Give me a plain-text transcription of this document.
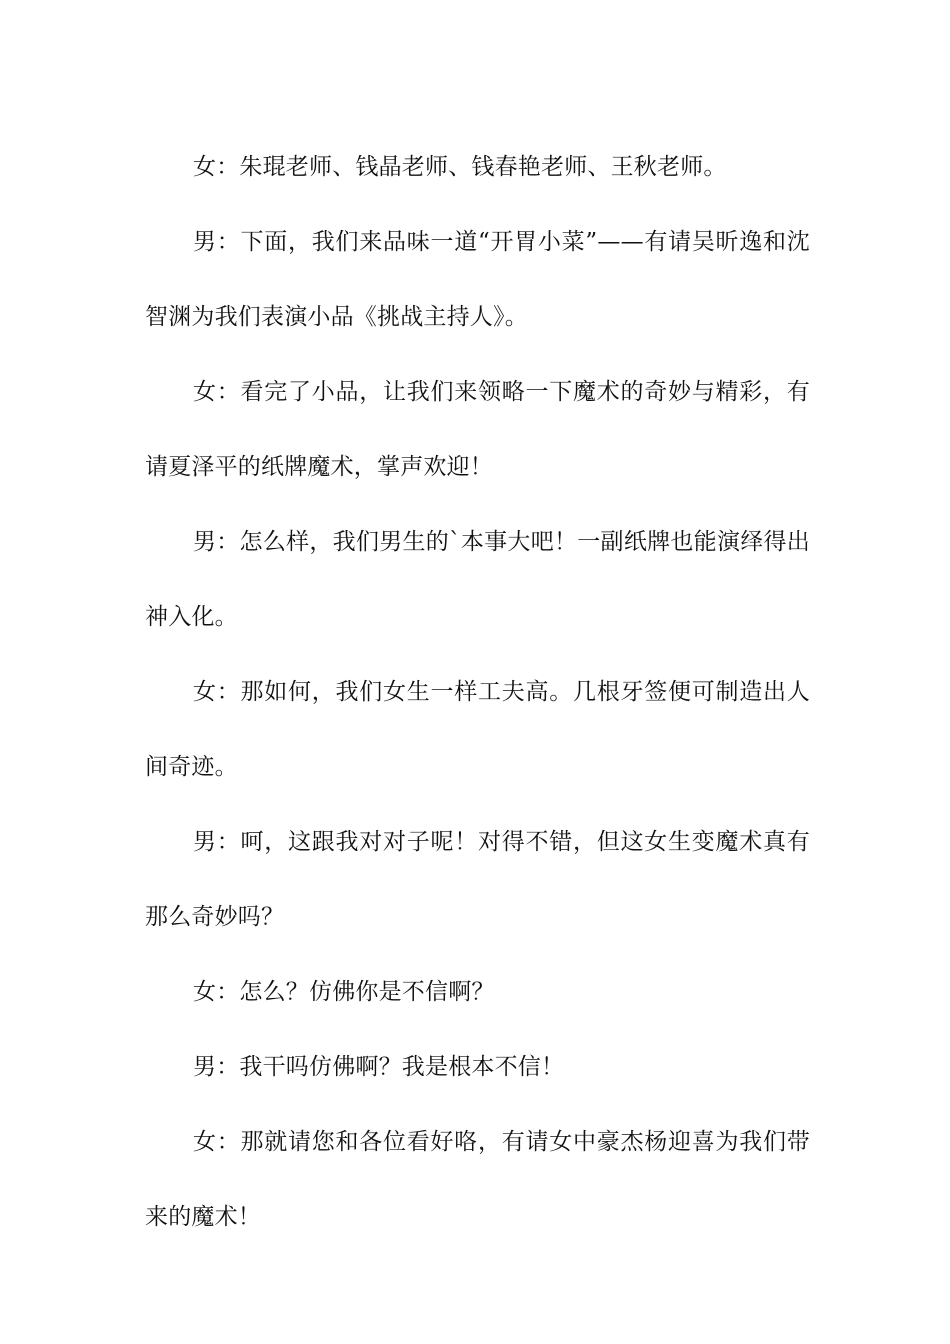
女：朱琨老师、钱晶老师、钱春艳老师、王秋老师。

男：下面，我们来品味一道“开胃小菜”——有请吴昕逸和沈智渊为我们表演小品《挑战主持人》。

女：看完了小品，让我们来领略一下魔术的奇妙与精彩，有请夏泽平的纸牌魔术，掌声欢迎！

男：怎么样，我们男生的`本事大吧！一副纸牌也能演绎得出神入化。

女：那如何，我们女生一样工夫高。几根牙签便可制造出人间奇迹。

男：呵，这跟我对对子呢！对得不错，但这女生变魔术真有那么奇妙吗？

女：怎么？仿佛你是不信啊？

男：我干吗仿佛啊？我是根本不信！

女：那就请您和各位看好咯，有请女中豪杰杨迎喜为我们带来的魔术！
